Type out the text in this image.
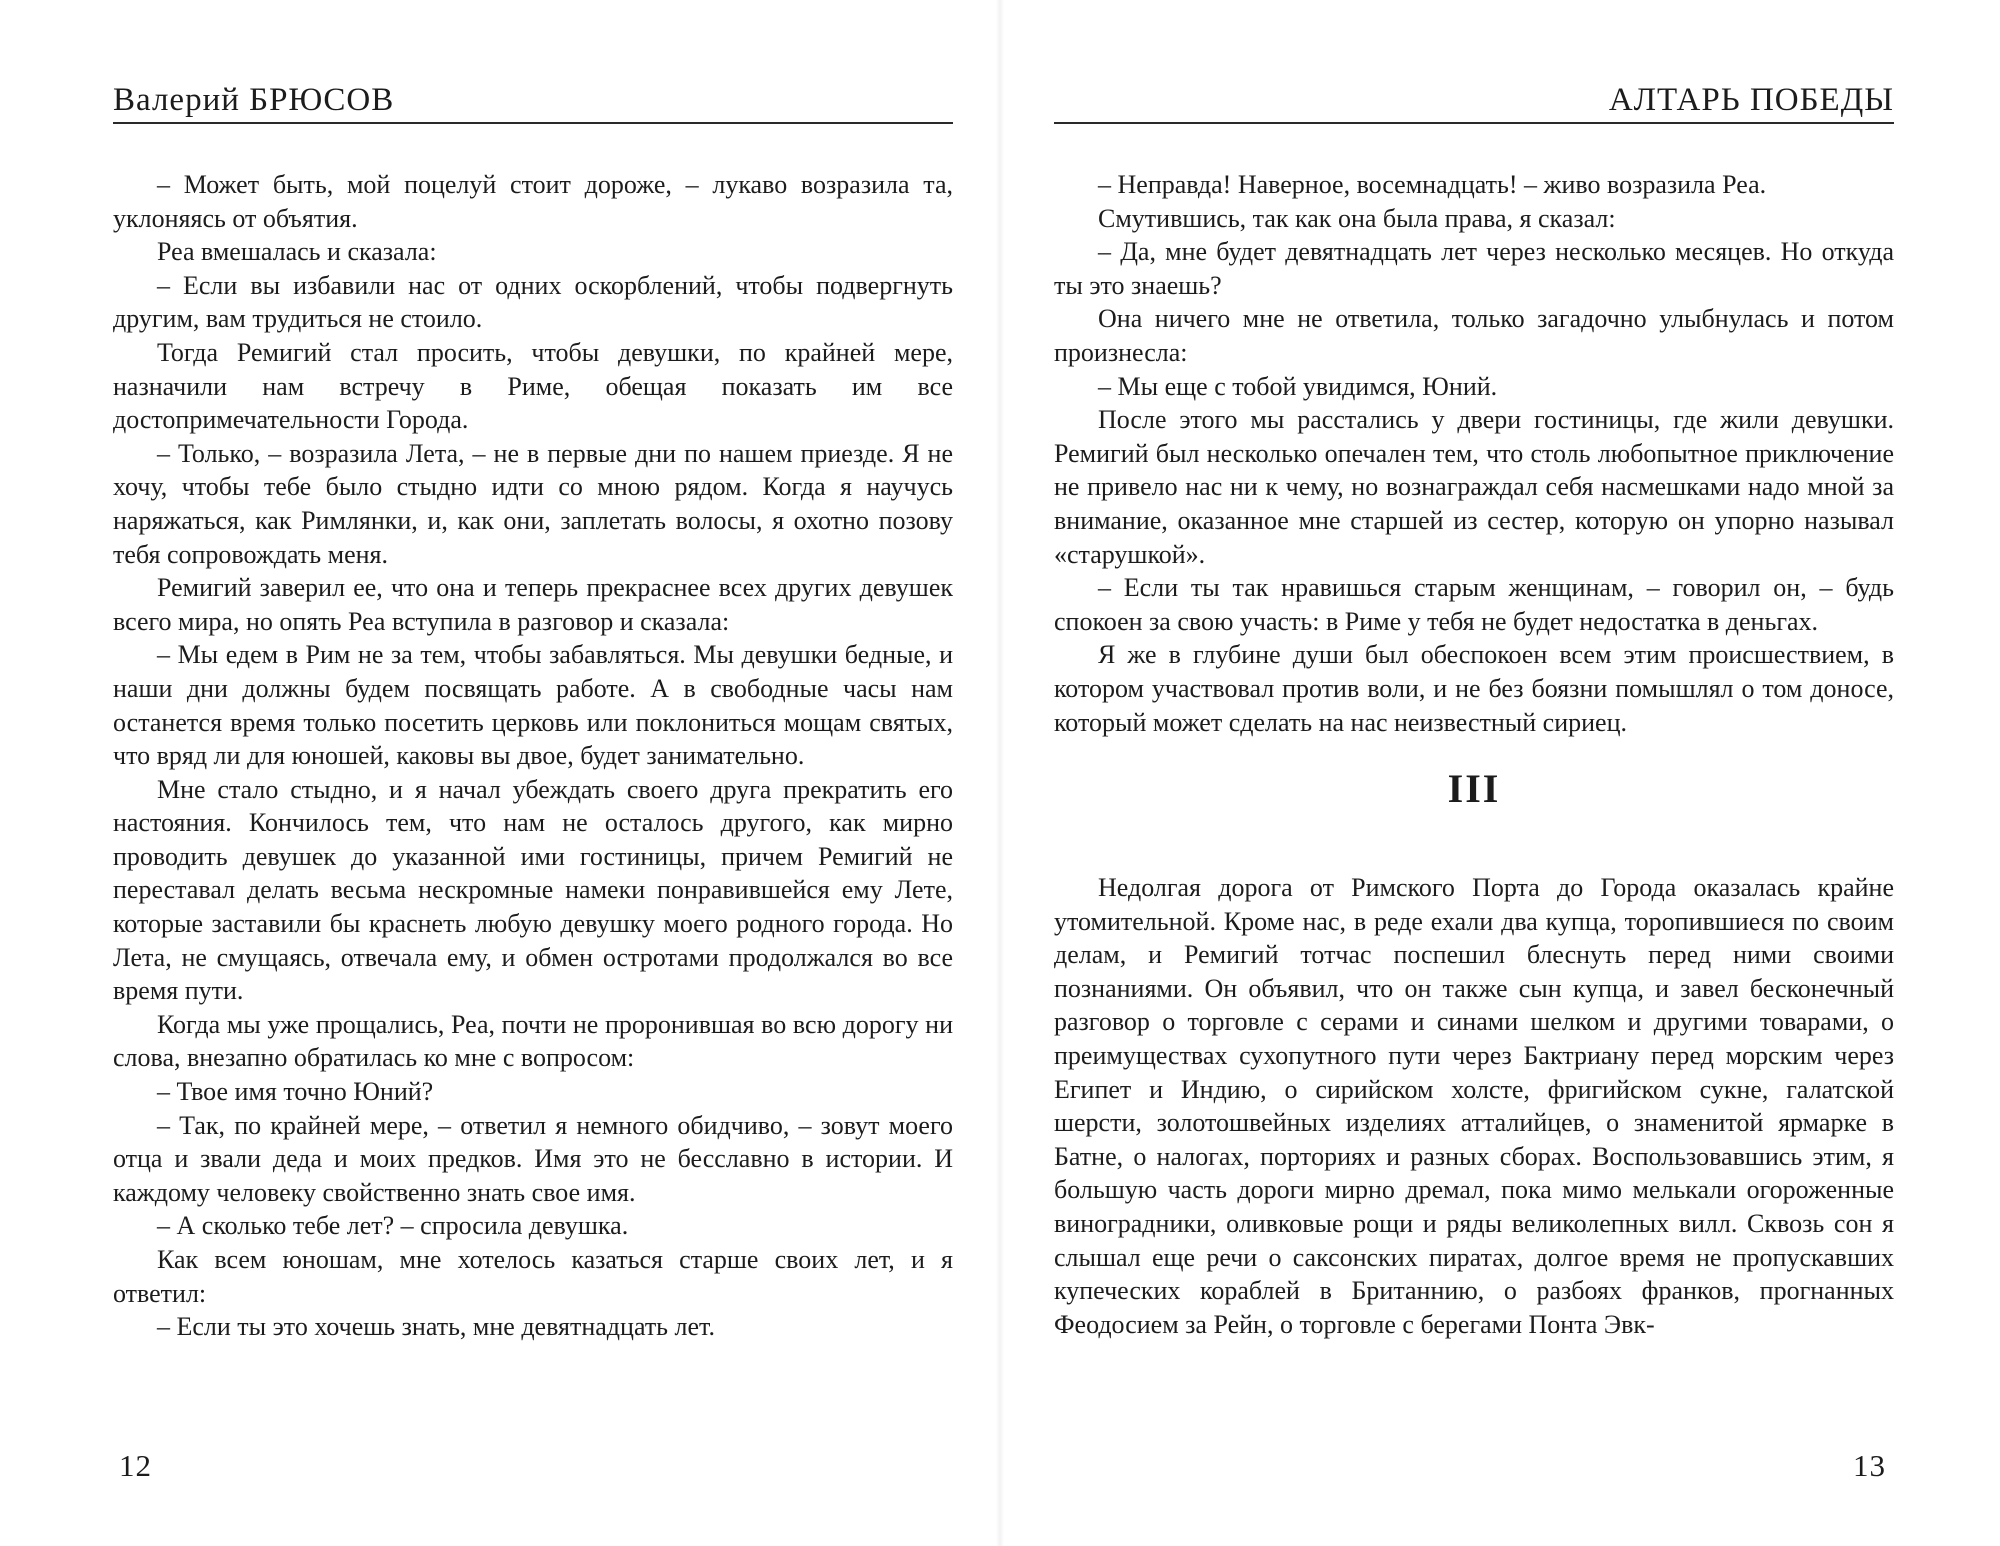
Валерий БРЮСОВ

– Может быть, мой поцелуй стоит дороже, – лукаво возразила та, уклоняясь от объятия.

Реа вмешалась и сказала:

– Если вы избавили нас от одних оскорблений, чтобы подвергнуть другим, вам трудиться не стоило.

Тогда Ремигий стал просить, чтобы девушки, по крайней мере, назначили нам встречу в Риме, обещая показать им все достопримечательности Города.

– Только, – возразила Лета, – не в первые дни по нашем приезде. Я не хочу, чтобы тебе было стыдно идти со мною рядом. Когда я научусь наряжаться, как Римлянки, и, как они, заплетать волосы, я охотно позову тебя сопровождать меня.

Ремигий заверил ее, что она и теперь прекраснее всех других девушек всего мира, но опять Реа вступила в разговор и сказала:

– Мы едем в Рим не за тем, чтобы забавляться. Мы девушки бедные, и наши дни должны будем посвящать работе. А в свободные часы нам останется время только посетить церковь или поклониться мощам святых, что вряд ли для юношей, каковы вы двое, будет занимательно.

Мне стало стыдно, и я начал убеждать своего друга прекратить его настояния. Кончилось тем, что нам не осталось другого, как мирно проводить девушек до указанной ими гостиницы, причем Ремигий не переставал делать весьма нескромные намеки понравившейся ему Лете, которые заставили бы краснеть любую девушку моего родного города. Но Лета, не смущаясь, отвечала ему, и обмен остротами продолжался во все время пути.

Когда мы уже прощались, Реа, почти не проронившая во всю дорогу ни слова, внезапно обратилась ко мне с вопросом:

– Твое имя точно Юний?

– Так, по крайней мере, – ответил я немного обидчиво, – зовут моего отца и звали деда и моих предков. Имя это не бесславно в истории. И каждому человеку свойственно знать свое имя.

– А сколько тебе лет? – спросила девушка.

Как всем юношам, мне хотелось казаться старше своих лет, и я ответил:

– Если ты это хочешь знать, мне девятнадцать лет.

12
АЛТАРЬ ПОБЕДЫ

– Неправда! Наверное, восемнадцать! – живо возразила Реа.

Смутившись, так как она была права, я сказал:

– Да, мне будет девятнадцать лет через несколько месяцев. Но откуда ты это знаешь?

Она ничего мне не ответила, только загадочно улыбнулась и потом произнесла:

– Мы еще с тобой увидимся, Юний.

После этого мы расстались у двери гостиницы, где жили девушки. Ремигий был несколько опечален тем, что столь любопытное приключение не привело нас ни к чему, но вознаграждал себя насмешками надо мной за внимание, оказанное мне старшей из сестер, которую он упорно называл «старушкой».

– Если ты так нравишься старым женщинам, – говорил он, – будь спокоен за свою участь: в Риме у тебя не будет недостатка в деньгах.

Я же в глубине души был обеспокоен всем этим происшествием, в котором участвовал против воли, и не без боязни помышлял о том доносе, который может сделать на нас неизвестный сириец.

III

Недолгая дорога от Римского Порта до Города оказалась крайне утомительной. Кроме нас, в реде ехали два купца, торопившиеся по своим делам, и Ремигий тотчас поспешил блеснуть перед ними своими познаниями. Он объявил, что он также сын купца, и завел бесконечный разговор о торговле с серами и синами шелком и другими товарами, о преимуществах сухопутного пути через Бактриану перед морским через Египет и Индию, о сирийском холсте, фригийском сукне, галатской шерсти, золотошвейных изделиях атталийцев, о знаменитой ярмарке в Батне, о налогах, портoриях и разных сборах. Воспользовавшись этим, я большую часть дороги мирно дремал, пока мимо мелькали огороженные виноградники, оливковые рощи и ряды великолепных вилл. Сквозь сон я слышал еще речи о саксонских пиратах, долгое время не пропускавших купеческих кораблей в Британнию, о разбоях франков, прогнанных Феодосием за Рейн, о торговле с берегами Понта Эвк-

13
